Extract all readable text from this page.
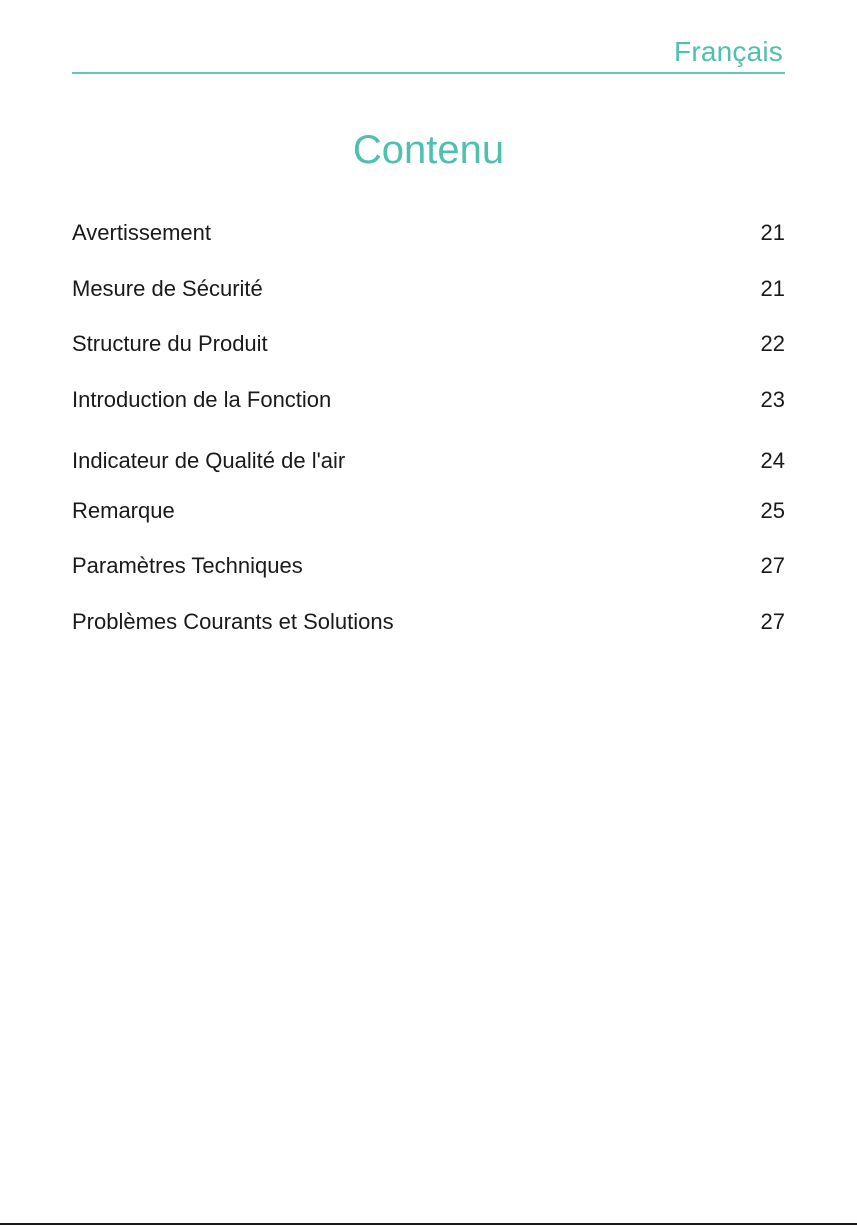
Français
Contenu
Avertissement	21
Mesure de Sécurité	21
Structure du Produit	22
Introduction de la Fonction	23
Indicateur de Qualité de l'air	24
Remarque	25
Paramètres Techniques	27
Problèmes Courants et Solutions	27
